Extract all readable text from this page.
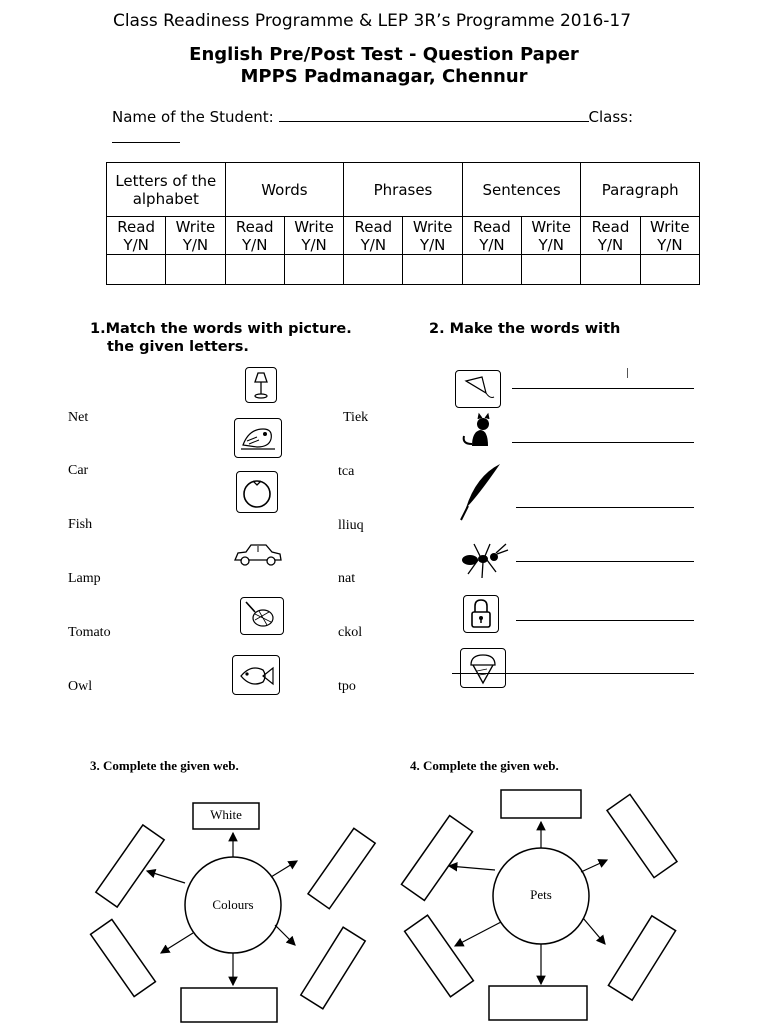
Class Readiness Programme & LEP 3R’s Programme 2016-17
English Pre/Post Test - Question Paper
MPPS Padmanagar, Chennur
Name of the Student:	Class:
Letters of the alphabet		Words		Phrases		Sentences		Paragraph	
Read Y/N	Write Y/N	Read Y/N	Write Y/N	Read Y/N	Write Y/N	Read Y/N	Write Y/N	Read Y/N	Write Y/N

1.Match the words with picture.
the given letters.
2. Make the words with
Net
Car
Fish
Lamp
Tomato
Owl
Tiek
tca
lliuq
nat
ckol
tpo
3. Complete the given web.	4. Complete the given web.
White
Colours
Pets
